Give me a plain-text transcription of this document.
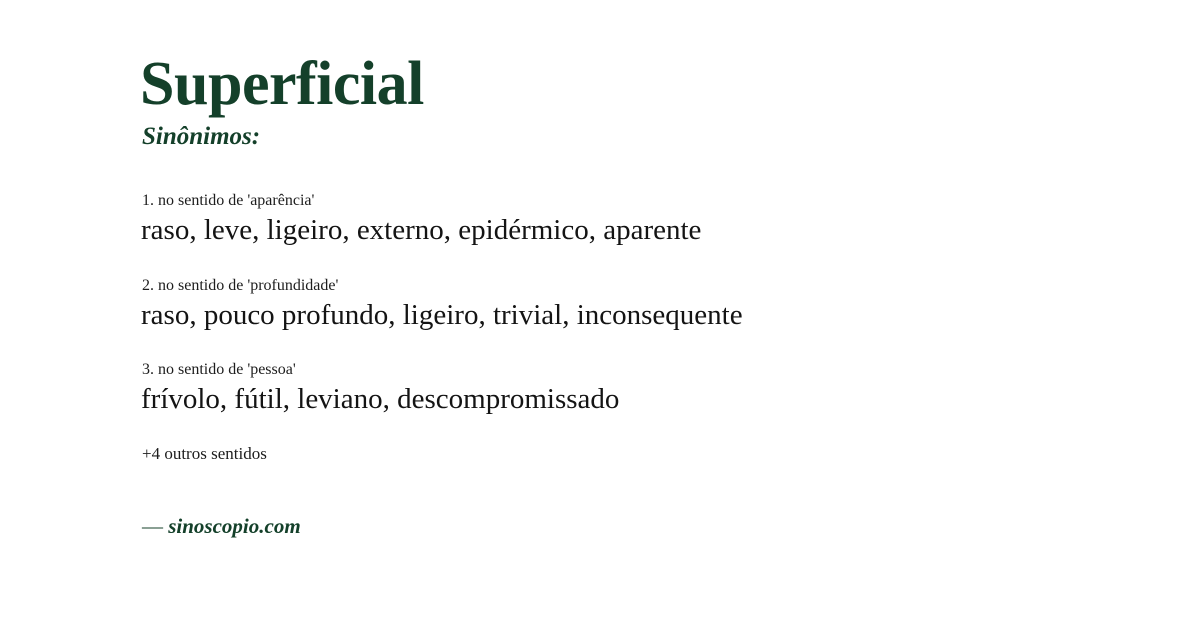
Superficial
Sinônimos:
1. no sentido de 'aparência'
raso, leve, ligeiro, externo, epidérmico, aparente
2. no sentido de 'profundidade'
raso, pouco profundo, ligeiro, trivial, inconsequente
3. no sentido de 'pessoa'
frívolo, fútil, leviano, descompromissado
+4 outros sentidos
— sinoscopio.com
